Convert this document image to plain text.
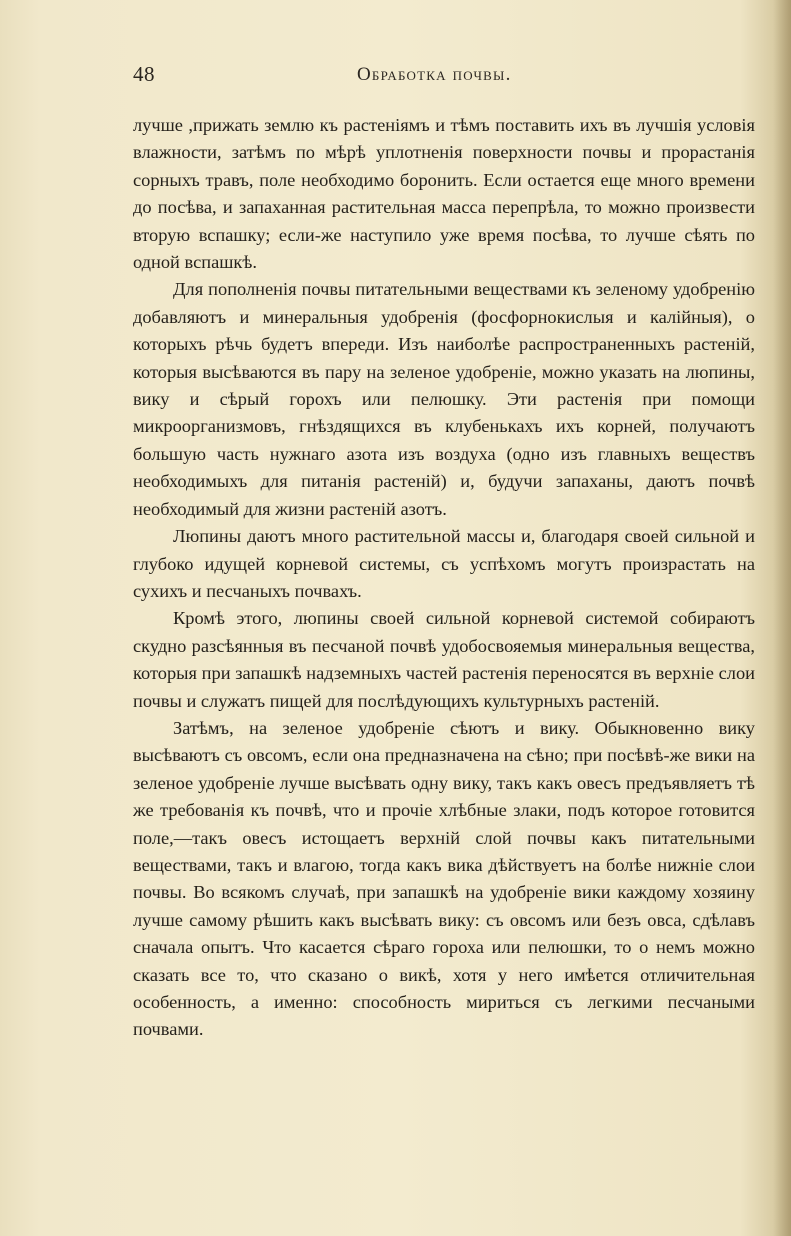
48	Обработка почвы.

лучше ,прижать землю къ растеніямъ и тѣмъ поставить ихъ въ лучшія условія влажности, затѣмъ по мѣрѣ уплотненія поверхности почвы и прорастанія сорныхъ травъ, поле необходимо боронить. Если остается еще много времени до посѣва, и запаханная растительная масса перепрѣла, то можно произвести вторую вспашку; если-же наступило уже время посѣва, то лучше сѣять по одной вспашкѣ.

Для пополненія почвы питательными веществами къ зеленому удобренію добавляютъ и минеральныя удобренія (фосфорнокислыя и калійныя), о которыхъ рѣчь будетъ впереди. Изъ наиболѣе распространенныхъ растеній, которыя высѣваются въ пару на зеленое удобреніе, можно указать на люпины, вику и сѣрый горохъ или пелюшку. Эти растенія при помощи микроорганизмовъ, гнѣздящихся въ клубенькахъ ихъ корней, получаютъ большую часть нужнаго азота изъ воздуха (одно изъ главныхъ веществъ необходимыхъ для питанія растеній) и, будучи запаханы, даютъ почвѣ необходимый для жизни растеній азотъ.

Люпины даютъ много растительной массы и, благодаря своей сильной и глубоко идущей корневой системы, съ успѣхомъ могутъ произрастать на сухихъ и песчаныхъ почвахъ.

Кромѣ этого, люпины своей сильной корневой системой собираютъ скудно разсѣянныя въ песчаной почвѣ удобосвояемыя минеральныя вещества, которыя при запашкѣ надземныхъ частей растенія переносятся въ верхніе слои почвы и служатъ пищей для послѣдующихъ культурныхъ растеній.

Затѣмъ, на зеленое удобреніе сѣютъ и вику. Обыкновенно вику высѣваютъ съ овсомъ, если она предназначена на сѣно; при посѣвѣ-же вики на зеленое удобреніе лучше высѣвать одну вику, такъ какъ овесъ предъявляетъ тѣ же требованія къ почвѣ, что и прочіе хлѣбные злаки, подъ которое готовится поле,—такъ овесъ истощаетъ верхній слой почвы какъ питательными веществами, такъ и влагою, тогда какъ вика дѣйствуетъ на болѣе нижніе слои почвы. Во всякомъ случаѣ, при запашкѣ на удобреніе вики каждому хозяину лучше самому рѣшить какъ высѣвать вику: съ овсомъ или безъ овса, сдѣлавъ сначала опытъ. Что касается сѣраго гороха или пелюшки, то о немъ можно сказать все то, что сказано о викѣ, хотя у него имѣется отличительная особенность, а именно: способность мириться съ легкими песчаными почвами.
